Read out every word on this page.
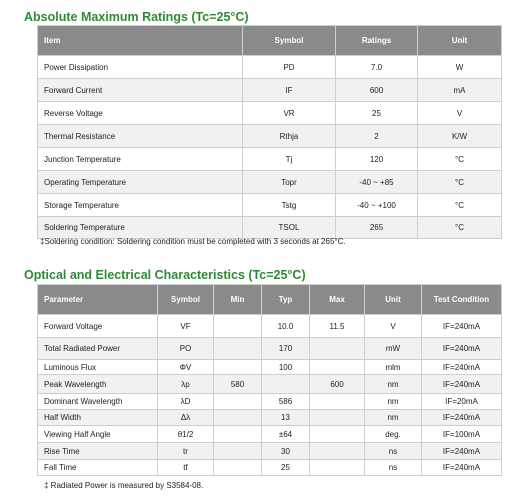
Absolute Maximum Ratings (Tc=25°C)
Item	Symbol	Ratings	Unit
Power Dissipation	PD	7.0	W
Forward Current	IF	600	mA
Reverse Voltage	VR	25	V
Thermal Resistance	Rthja	2	K/W
Junction Temperature	Tj	120	°C
Operating Temperature	Topr	-40 ~ +85	°C
Storage Temperature	Tstg	-40 ~ +100	°C
Soldering Temperature	TSOL	265	°C
‡Soldering condition: Soldering condition must be completed with 3 seconds at 265°C.
Optical and Electrical Characteristics (Tc=25°C)
Parameter	Symbol	Min	Typ	Max	Unit	Test Condition
Forward Voltage	VF		10.0	11.5	V	IF=240mA
Total Radiated Power	PO		170		mW	IF=240mA
Luminous Flux	ΦV		100		mlm	IF=240mA
Peak Wavelength	λp	580		600	nm	IF=240mA
Dominant Wavelength	λD		586		nm	IF=20mA
Half Width	Δλ		13		nm	IF=240mA
Viewing Half Angle	θ1/2		±64		deg.	IF=100mA
Rise Time	tr		30		ns	IF=240mA
Fall Time	tf		25		ns	IF=240mA
‡ Radiated Power is measured by S3584-08.
